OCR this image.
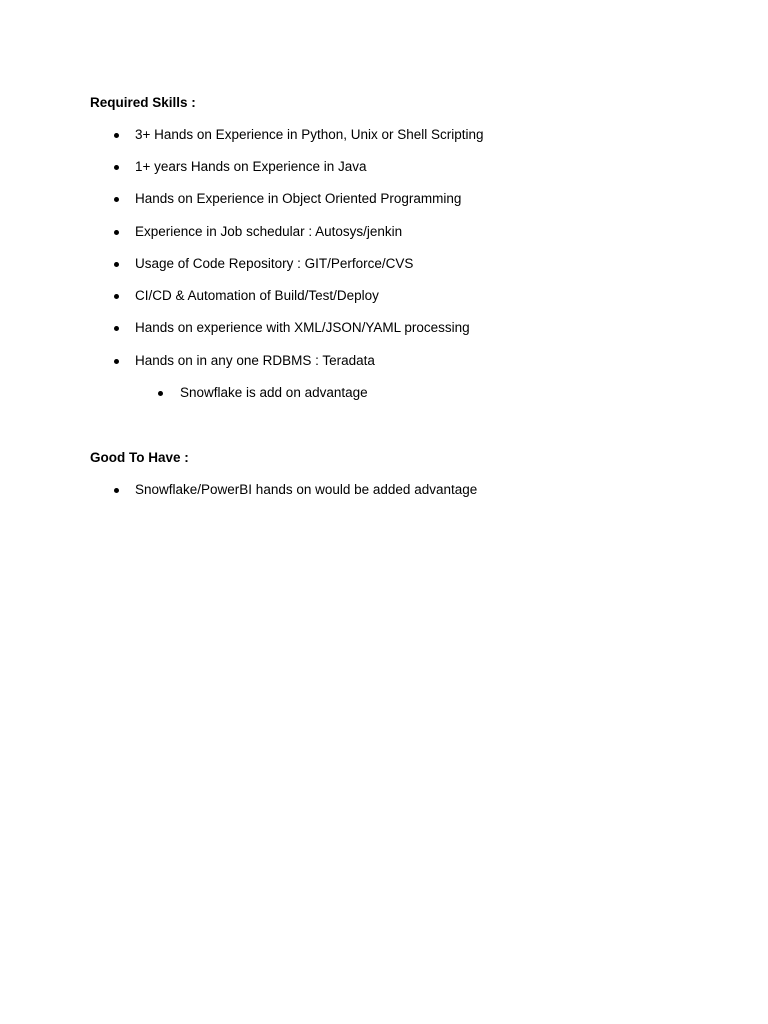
Required Skills :
3+ Hands on Experience in Python, Unix or Shell Scripting
1+ years Hands on Experience in Java
Hands on Experience in Object Oriented Programming
Experience in Job schedular : Autosys/jenkin
Usage of Code Repository : GIT/Perforce/CVS
CI/CD & Automation of Build/Test/Deploy
Hands on experience with XML/JSON/YAML processing
Hands on in any one RDBMS : Teradata
Snowflake is add on advantage
Good To Have :
Snowflake/PowerBI hands on would be added advantage
